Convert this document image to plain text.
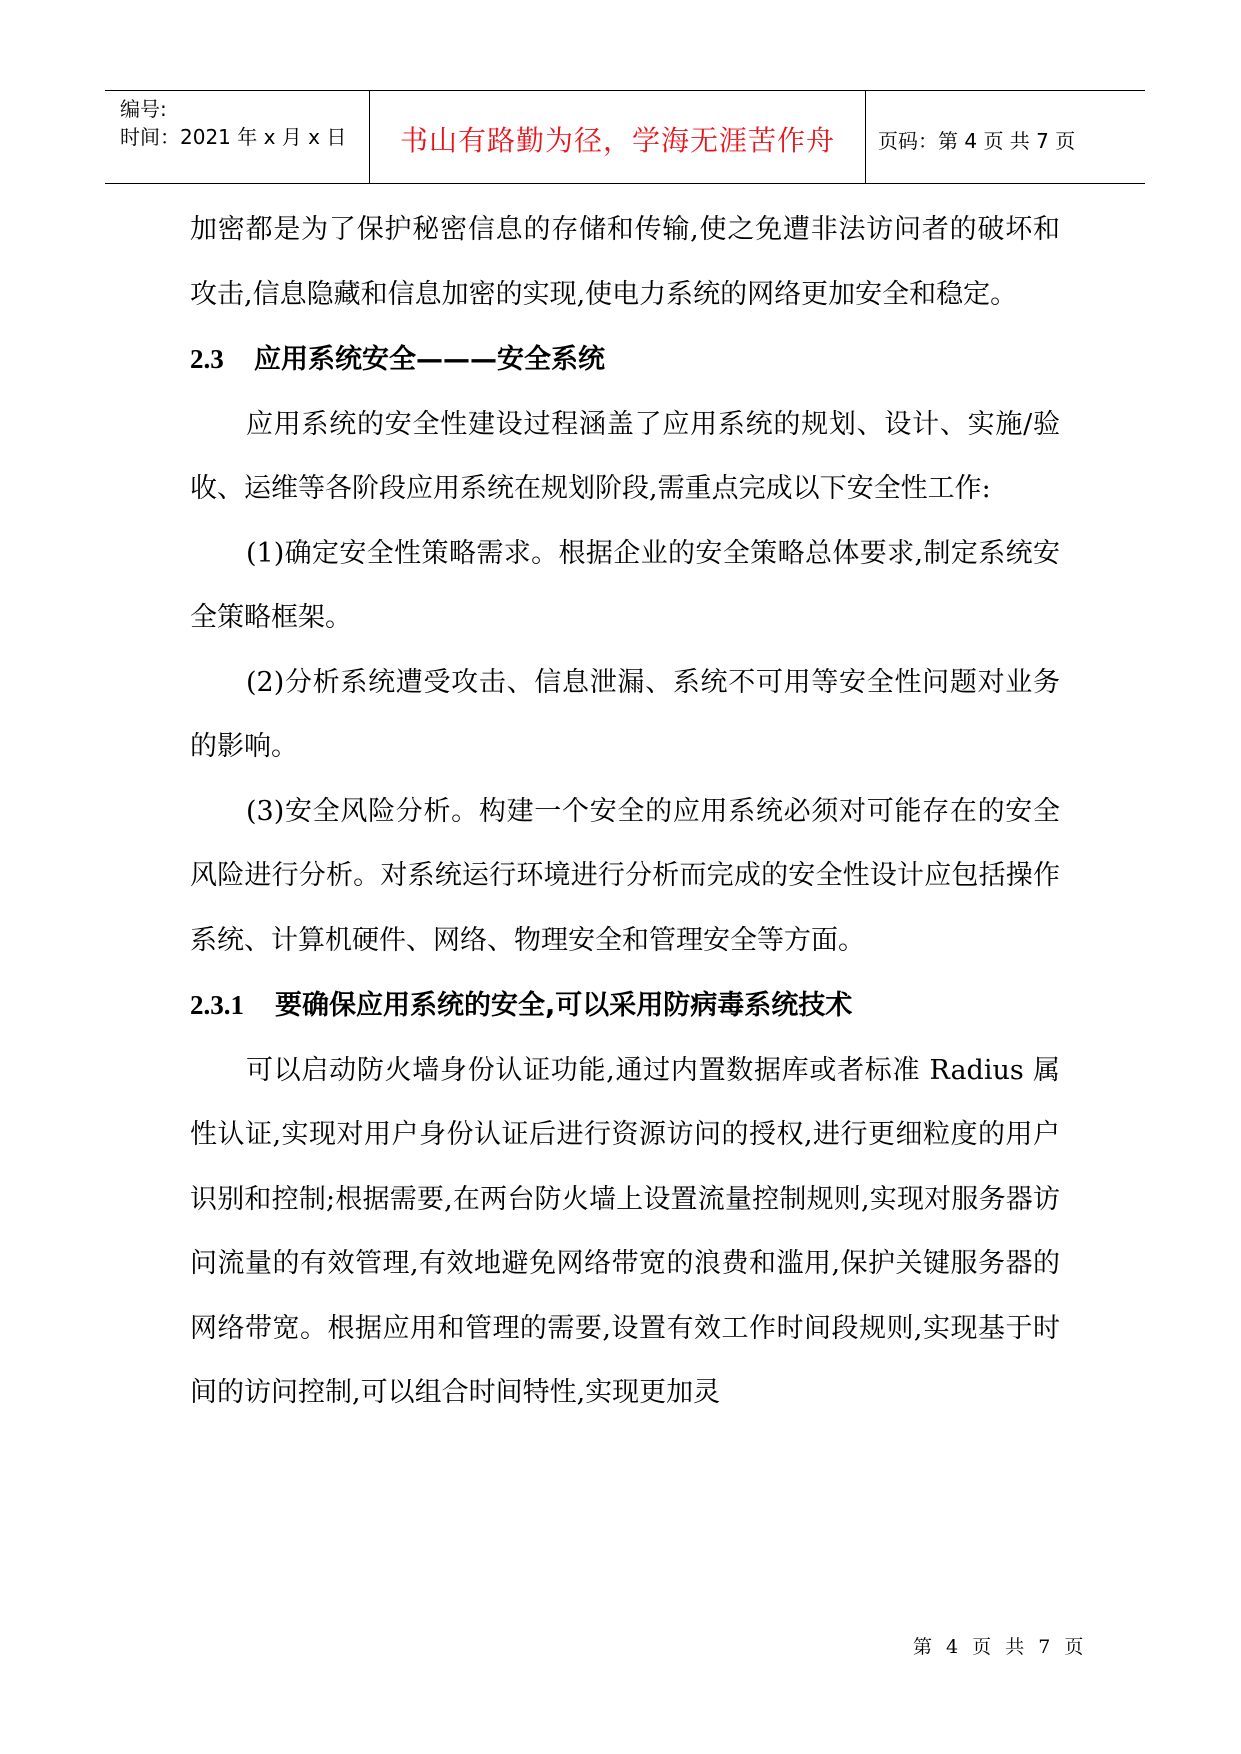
编号:
时间：2021 年 x 月 x 日	书山有路勤为径，学海无涯苦作舟	页码：第 4 页 共 7 页

加密都是为了保护秘密信息的存储和传输,使之免遭非法访问者的破坏和攻击,信息隐藏和信息加密的实现,使电力系统的网络更加安全和稳定。

2.3 应用系统安全———安全系统

应用系统的安全性建设过程涵盖了应用系统的规划、设计、实施/验收、运维等各阶段应用系统在规划阶段,需重点完成以下安全性工作:

(1)确定安全性策略需求。根据企业的安全策略总体要求,制定系统安全策略框架。

(2)分析系统遭受攻击、信息泄漏、系统不可用等安全性问题对业务的影响。

(3)安全风险分析。构建一个安全的应用系统必须对可能存在的安全风险进行分析。对系统运行环境进行分析而完成的安全性设计应包括操作系统、计算机硬件、网络、物理安全和管理安全等方面。

2.3.1 要确保应用系统的安全,可以采用防病毒系统技术

可以启动防火墙身份认证功能,通过内置数据库或者标准 Radius 属性认证,实现对用户身份认证后进行资源访问的授权,进行更细粒度的用户识别和控制;根据需要,在两台防火墙上设置流量控制规则,实现对服务器访问流量的有效管理,有效地避免网络带宽的浪费和滥用,保护关键服务器的网络带宽。根据应用和管理的需要,设置有效工作时间段规则,实现基于时间的访问控制,可以组合时间特性,实现更加灵

第 4 页 共 7 页
